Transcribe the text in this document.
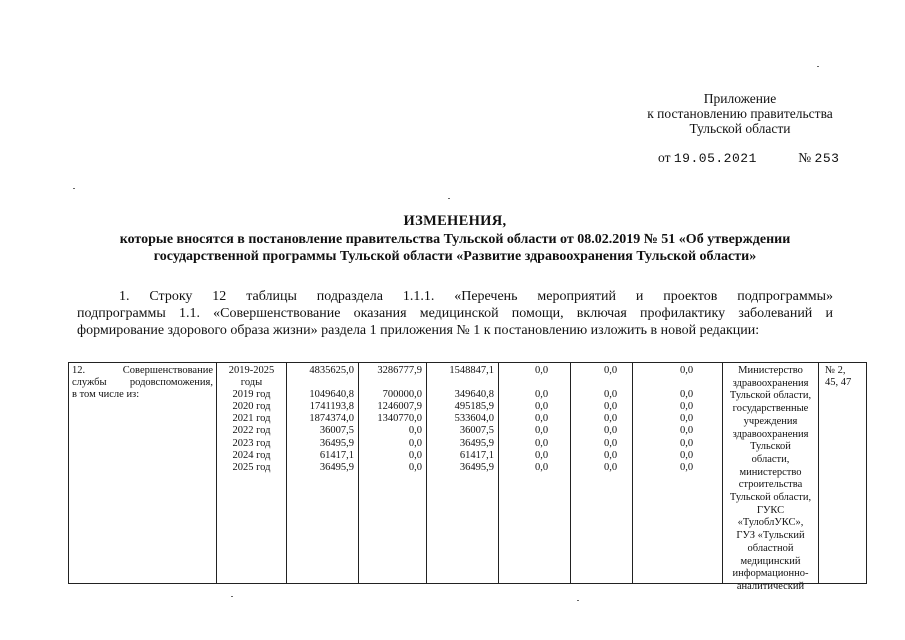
Приложение
к постановлению правительства
Тульской области
от 19.05.2021	№ 253
ИЗМЕНЕНИЯ,
которые вносятся в постановление правительства Тульской области от 08.02.2019 № 51 «Об утверждении
государственной программы Тульской области «Развитие здравоохранения Тульской области»
1. Строку 12 таблицы подраздела 1.1.1. «Перечень мероприятий и проектов подпрограммы»
подпрограммы 1.1. «Совершенствование оказания медицинской помощи, включая профилактику заболеваний и
формирование здорового образа жизни» раздела 1 приложения № 1 к постановлению изложить в новой редакции:
12. Совершенствование
службы родовспоможения,
в том числе из:
2019-2025
годы
2019 год
2020 год
2021 год
2022 год
2023 год
2024 год
2025 год
4835625,0

1049640,8
1741193,8
1874374,0
36007,5
36495,9
61417,1
36495,9
3286777,9

700000,0
1246007,9
1340770,0
0,0
0,0
0,0
0,0
1548847,1

349640,8
495185,9
533604,0
36007,5
36495,9
61417,1
36495,9
0,0

0,0
0,0
0,0
0,0
0,0
0,0
0,0
0,0

0,0
0,0
0,0
0,0
0,0
0,0
0,0
0,0

0,0
0,0
0,0
0,0
0,0
0,0
0,0
Министерство
здравоохранения
Тульской области,
государственные
учреждения
здравоохранения
Тульской
области,
министерство
строительства
Тульской области,
ГУКС
«ТулоблУКС»,
ГУЗ «Тульский
областной
медицинский
информационно-
аналитический
№ 2,
45, 47
